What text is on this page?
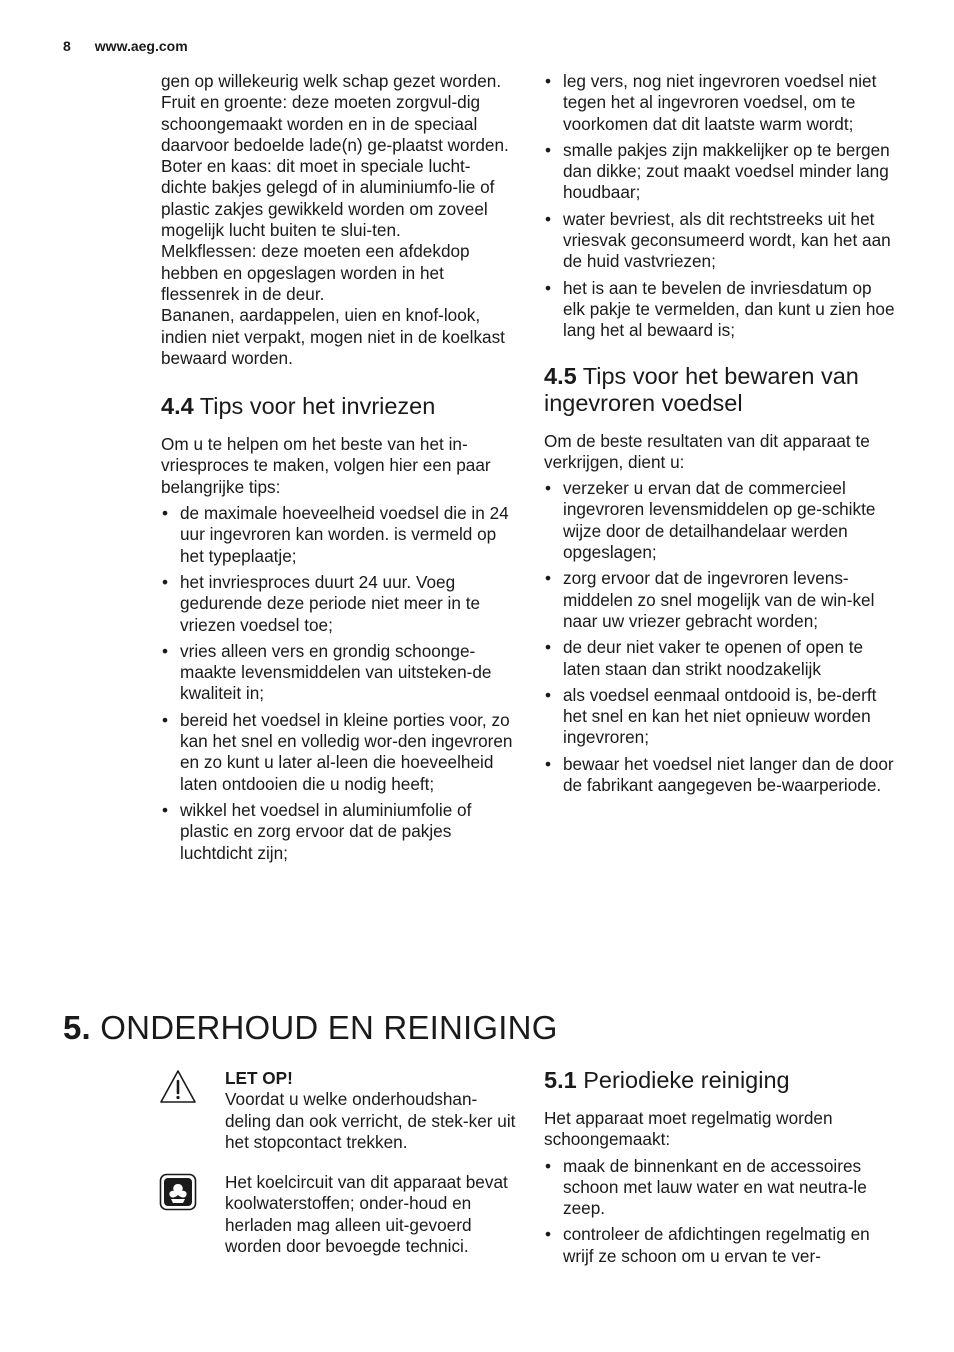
8 www.aeg.com

gen op willekeurig welk schap gezet worden.

Fruit en groente: deze moeten zorgvul-dig schoongemaakt worden en in de speciaal daarvoor bedoelde lade(n) ge-plaatst worden.

Boter en kaas: dit moet in speciale lucht-dichte bakjes gelegd of in aluminiumfo-lie of plastic zakjes gewikkeld worden om zoveel mogelijk lucht buiten te slui-ten.

Melkflessen: deze moeten een afdekdop hebben en opgeslagen worden in het flessenrek in de deur.

Bananen, aardappelen, uien en knof-look, indien niet verpakt, mogen niet in de koelkast bewaard worden.

4.4 Tips voor het invriezen

Om u te helpen om het beste van het in-vriesproces te maken, volgen hier een paar belangrijke tips:

• de maximale hoeveelheid voedsel die in 24 uur ingevroren kan worden. is vermeld op het typeplaatje;
• het invriesproces duurt 24 uur. Voeg gedurende deze periode niet meer in te vriezen voedsel toe;
• vries alleen vers en grondig schoonge-maakte levensmiddelen van uitsteken-de kwaliteit in;
• bereid het voedsel in kleine porties voor, zo kan het snel en volledig wor-den ingevroren en zo kunt u later al-leen die hoeveelheid laten ontdooien die u nodig heeft;
• wikkel het voedsel in aluminiumfolie of plastic en zorg ervoor dat de pakjes luchtdicht zijn;
• leg vers, nog niet ingevroren voedsel niet tegen het al ingevroren voedsel, om te voorkomen dat dit laatste warm wordt;
• smalle pakjes zijn makkelijker op te bergen dan dikke; zout maakt voedsel minder lang houdbaar;
• water bevriest, als dit rechtstreeks uit het vriesvak geconsumeerd wordt, kan het aan de huid vastvriezen;
• het is aan te bevelen de invriesdatum op elk pakje te vermelden, dan kunt u zien hoe lang het al bewaard is;
4.5 Tips voor het bewaren van
ingevroren voedsel

Om de beste resultaten van dit apparaat te verkrijgen, dient u:

• verzeker u ervan dat de commercieel ingevroren levensmiddelen op ge-schikte wijze door de detailhandelaar werden opgeslagen;
• zorg ervoor dat de ingevroren levens-middelen zo snel mogelijk van de win-kel naar uw vriezer gebracht worden;
• de deur niet vaker te openen of open te laten staan dan strikt noodzakelijk
• als voedsel eenmaal ontdooid is, be-derft het snel en kan het niet opnieuw worden ingevroren;
• bewaar het voedsel niet langer dan de door de fabrikant aangegeven be-waarperiode.
5. ONDERHOUD EN REINIGING
LET OP!
Voordat u welke onderhoudshan-deling dan ook verricht, de stek-ker uit het stopcontact trekken.
Het koelcircuit van dit apparaat bevat koolwaterstoffen; onder-houd en herladen mag alleen uit-gevoerd worden door bevoegde technici.
5.1 Periodieke reiniging

Het apparaat moet regelmatig worden schoongemaakt:

• maak de binnenkant en de accessoires schoon met lauw water en wat neutra-le zeep.
• controleer de afdichtingen regelmatig en wrijf ze schoon om u ervan te ver-
